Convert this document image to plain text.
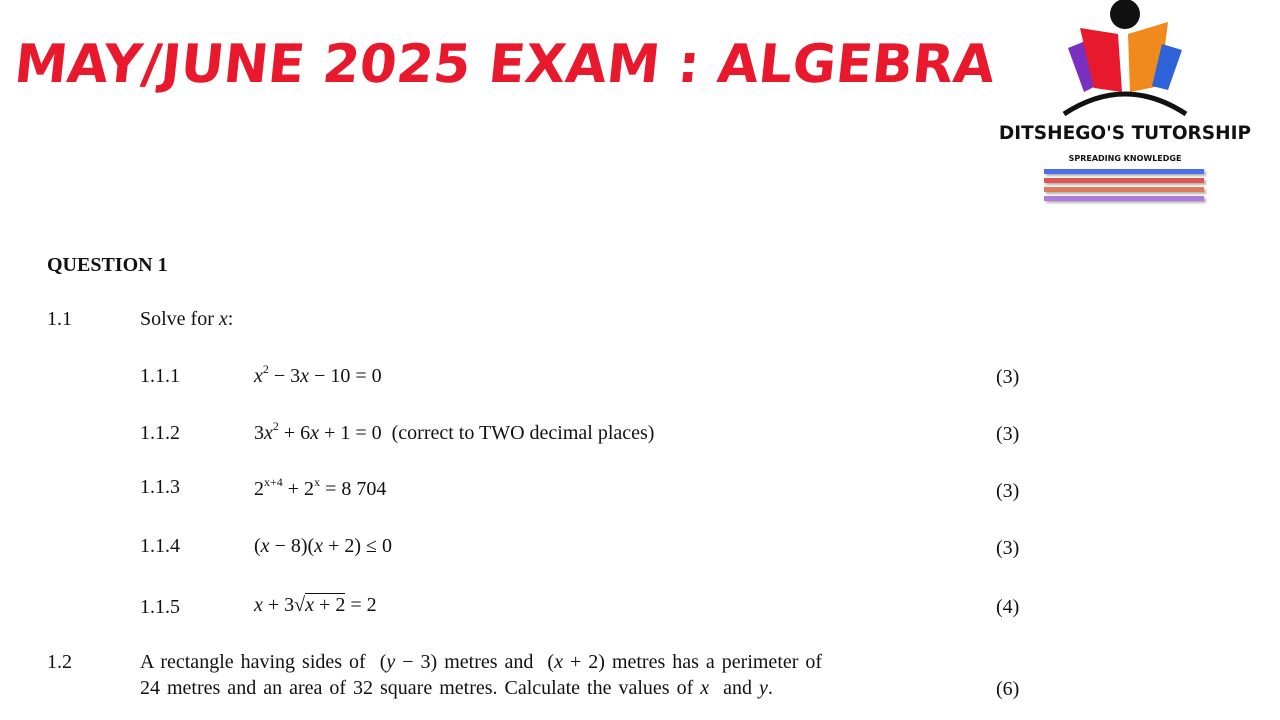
MAY/JUNE 2025 EXAM : ALGEBRA
DITSHEGO'S TUTORSHIP
SPREADING KNOWLEDGE
QUESTION 1
1.1	Solve for x:
1.1.1	$x^2 - 3x - 10 = 0$	(3)
1.1.2	$3x^2 + 6x + 1 = 0$  (correct to TWO decimal places)	(3)
1.1.3	$2^{x+4} + 2^x = 8$ 704	(3)
1.1.4	(x − 8)(x + 2) ≤ 0	(3)
1.1.5	x + 3√x + 2 = 2	(4)
1.2	A rectangle having sides of  (y − 3) metres and  (x + 2) metres has a perimeter of
24 metres and an area of 32 square metres. Calculate the values of x and y.	(6)
